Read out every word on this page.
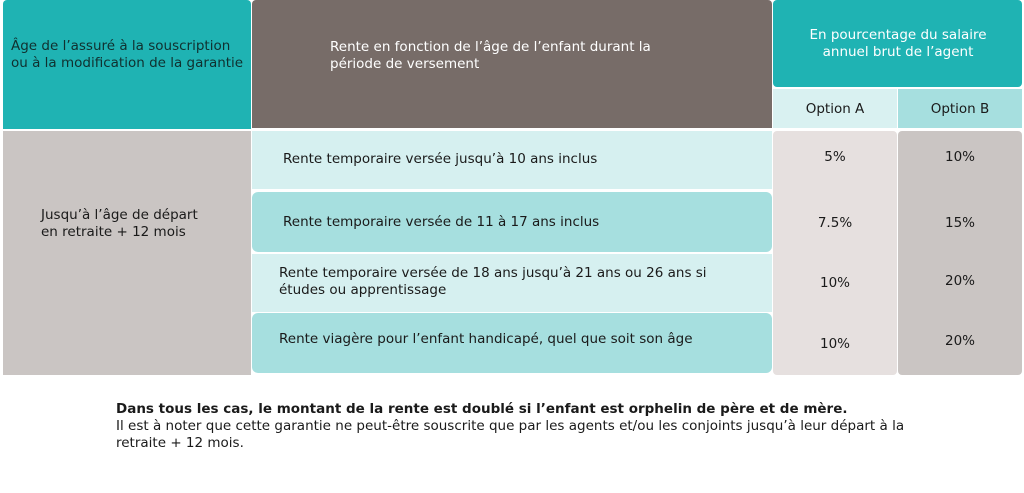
Âge de l’assuré à la souscription ou à la modification de la garantie
Rente en fonction de l’âge de l’enfant durant la période de versement
En pourcentage du salaire annuel brut de l’agent
Option A	Option B
Jusqu’à l’âge de départ en retraite + 12 mois
Rente temporaire versée jusqu’à 10 ans inclus
Rente temporaire versée de 11 à 17 ans inclus
Rente temporaire versée de 18 ans jusqu’à 21 ans ou 26 ans si études ou apprentissage
Rente viagère pour l’enfant handicapé, quel que soit son âge
5%
7.5%
10%
10%
10%
15%
20%
20%
Dans tous les cas, le montant de la rente est doublé si l’enfant est orphelin de père et de mère.
Il est à noter que cette garantie ne peut-être souscrite que par les agents et/ou les conjoints jusqu’à leur départ à la retraite + 12 mois.
